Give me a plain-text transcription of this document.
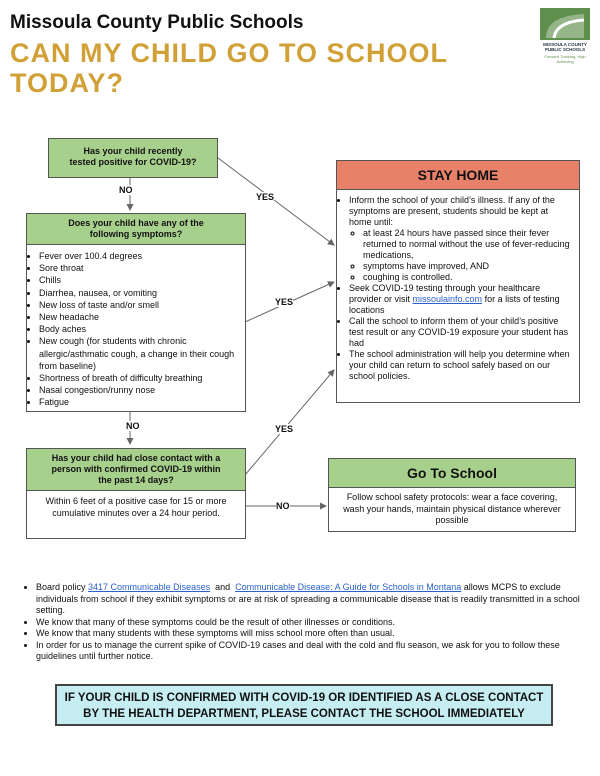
Missoula County Public Schools
CAN MY CHILD GO TO SCHOOL
TODAY?
MISSOULA COUNTY
PUBLIC SCHOOLS
Forward Thinking, High Achieving
Has your child recently
tested positive for COVID-19?
NO
YES
Does your child have any of the
following symptoms?
• Fever over 100.4 degrees
• Sore throat
• Chills
• Diarrhea, nausea, or vomiting
• New loss of taste and/or smell
• New headache
• Body aches
• New cough (for students with chronic allergic/asthmatic cough, a change in their cough from baseline)
• Shortness of breath of difficulty breathing
• Nasal congestion/runny nose
• Fatigue
YES
NO
Has your child had close contact with a
person with confirmed COVID-19 within
the past 14 days?
Within 6 feet of a positive case for 15 or more cumulative minutes over a 24 hour period.
YES
NO
STAY HOME
• Inform the school of your child’s illness. If any of the symptoms are present, students should be kept at home until:
◦ at least 24 hours have passed since their fever returned to normal without the use of fever-reducing medications,
◦ symptoms have improved, AND
◦ coughing is controlled.
• Seek COVID-19 testing through your healthcare provider or visit missoulainfo.com for a lists of testing locations
• Call the school to inform them of your child’s positive test result or any COVID-19 exposure your student has had
• The school administration will help you determine when your child can return to school safely based on our school policies.
Go To School
Follow school safety protocols: wear a face covering, wash your hands, maintain physical distance wherever possible
• Board policy 3417 Communicable Diseases  and  Communicable Disease: A Guide for Schools in Montana allows MCPS to exclude individuals from school if they exhibit symptoms or are at risk of spreading a communicable disease that is readily transmitted in a school setting.
• We know that many of these symptoms could be the result of other illnesses or conditions.
• We know that many students with these symptoms will miss school more often than usual.
• In order for us to manage the current spike of COVID-19 cases and deal with the cold and flu season, we ask for you to follow these guidelines until further notice.
IF YOUR CHILD IS CONFIRMED WITH COVID-19 OR IDENTIFIED AS A CLOSE CONTACT
BY THE HEALTH DEPARTMENT, PLEASE CONTACT THE SCHOOL IMMEDIATELY
